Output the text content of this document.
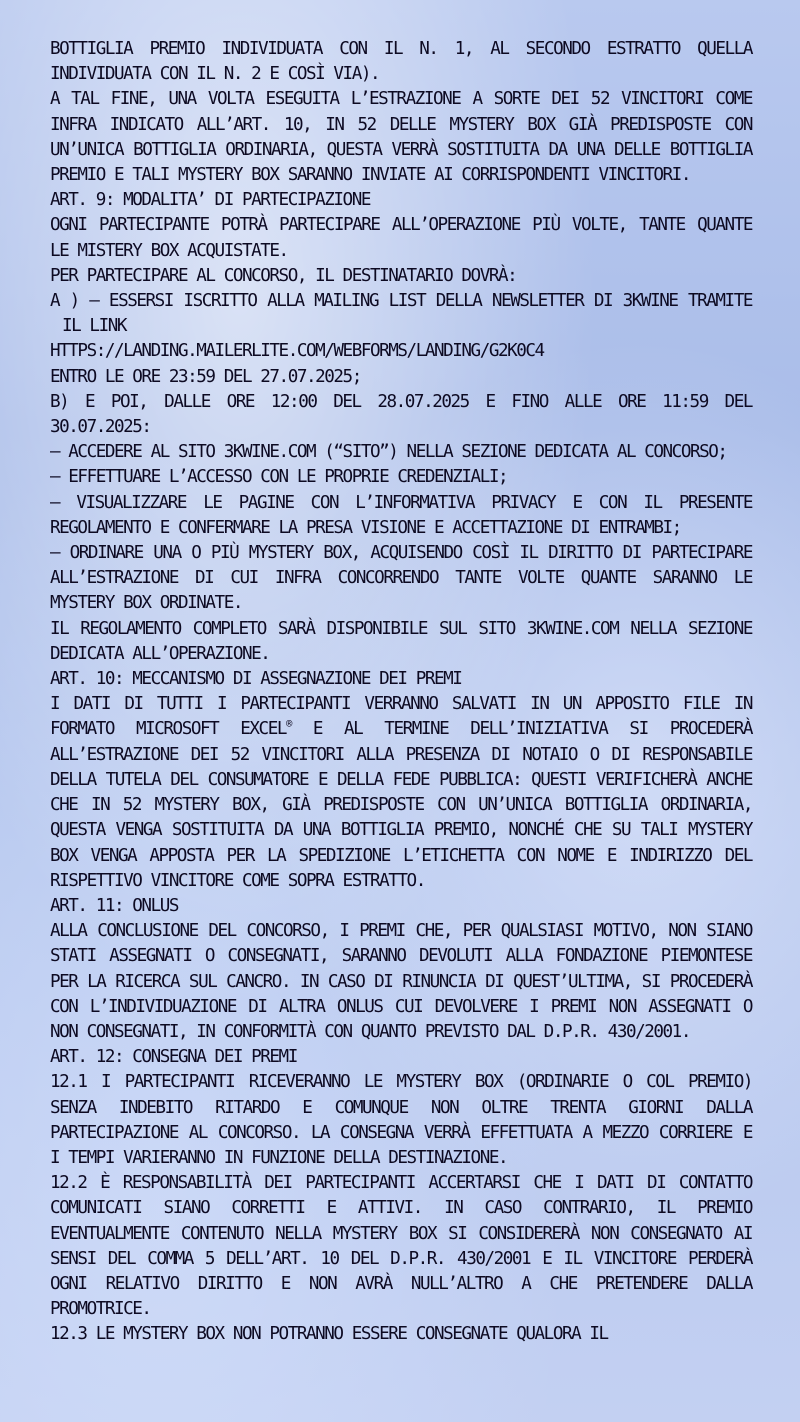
BOTTIGLIA PREMIO INDIVIDUATA CON IL N. 1, AL SECONDO ESTRATTO QUELLA INDIVIDUATA CON IL N. 2 E COSÌ VIA).

A TAL FINE, UNA VOLTA ESEGUITA L’ESTRAZIONE A SORTE DEI 52 VINCITORI COME INFRA INDICATO ALL’ART. 10, IN 52 DELLE MYSTERY BOX GIÀ PREDISPOSTE CON UN’UNICA BOTTIGLIA ORDINARIA, QUESTA VERRÀ SOSTITUITA DA UNA DELLE BOTTIGLIA PREMIO E TALI MYSTERY BOX SARANNO INVIATE AI CORRISPONDENTI VINCITORI.

ART. 9: MODALITA’ DI PARTECIPAZIONE

OGNI PARTECIPANTE POTRÀ PARTECIPARE ALL’OPERAZIONE PIÙ VOLTE, TANTE QUANTE LE MISTERY BOX ACQUISTATE.

PER PARTECIPARE AL CONCORSO, IL DESTINATARIO DOVRÀ:

A ) – ESSERSI ISCRITTO ALLA MAILING LIST DELLA NEWSLETTER DI 3KWINE TRAMITE IL LINK

HTTPS://LANDING.MAILERLITE.COM/WEBFORMS/LANDING/G2K0C4

ENTRO LE ORE 23:59 DEL 27.07.2025;

B) E POI, DALLE ORE 12:00 DEL 28.07.2025 E FINO ALLE ORE 11:59 DEL 30.07.2025:

– ACCEDERE AL SITO 3KWINE.COM (“SITO”) NELLA SEZIONE DEDICATA AL CONCORSO;

– EFFETTUARE L’ACCESSO CON LE PROPRIE CREDENZIALI;

– VISUALIZZARE LE PAGINE CON L’INFORMATIVA PRIVACY E CON IL PRESENTE REGOLAMENTO E CONFERMARE LA PRESA VISIONE E ACCETTAZIONE DI ENTRAMBI;

– ORDINARE UNA O PIÙ MYSTERY BOX, ACQUISENDO COSÌ IL DIRITTO DI PARTECIPARE ALL’ESTRAZIONE DI CUI INFRA CONCORRENDO TANTE VOLTE QUANTE SARANNO LE MYSTERY BOX ORDINATE.

IL REGOLAMENTO COMPLETO SARÀ DISPONIBILE SUL SITO 3KWINE.COM NELLA SEZIONE DEDICATA ALL’OPERAZIONE.

ART. 10: MECCANISMO DI ASSEGNAZIONE DEI PREMI

I DATI DI TUTTI I PARTECIPANTI VERRANNO SALVATI IN UN APPOSITO FILE IN FORMATO MICROSOFT EXCEL® E AL TERMINE DELL’INIZIATIVA SI PROCEDERÀ ALL’ESTRAZIONE DEI 52 VINCITORI ALLA PRESENZA DI NOTAIO O DI RESPONSABILE DELLA TUTELA DEL CONSUMATORE E DELLA FEDE PUBBLICA: QUESTI VERIFICHERÀ ANCHE CHE IN 52 MYSTERY BOX, GIÀ PREDISPOSTE CON UN’UNICA BOTTIGLIA ORDINARIA, QUESTA VENGA SOSTITUITA DA UNA BOTTIGLIA PREMIO, NONCHÉ CHE SU TALI MYSTERY BOX VENGA APPOSTA PER LA SPEDIZIONE L’ETICHETTA CON NOME E INDIRIZZO DEL RISPETTIVO VINCITORE COME SOPRA ESTRATTO.

ART. 11: ONLUS

ALLA CONCLUSIONE DEL CONCORSO, I PREMI CHE, PER QUALSIASI MOTIVO, NON SIANO STATI ASSEGNATI O CONSEGNATI, SARANNO DEVOLUTI ALLA FONDAZIONE PIEMONTESE PER LA RICERCA SUL CANCRO. IN CASO DI RINUNCIA DI QUEST’ULTIMA, SI PROCEDERÀ CON L’INDIVIDUAZIONE DI ALTRA ONLUS CUI DEVOLVERE I PREMI NON ASSEGNATI O NON CONSEGNATI, IN CONFORMITÀ CON QUANTO PREVISTO DAL D.P.R. 430/2001.

ART. 12: CONSEGNA DEI PREMI

12.1 I PARTECIPANTI RICEVERANNO LE MYSTERY BOX (ORDINARIE O COL PREMIO) SENZA INDEBITO RITARDO E COMUNQUE NON OLTRE TRENTA GIORNI DALLA PARTECIPAZIONE AL CONCORSO. LA CONSEGNA VERRÀ EFFETTUATA A MEZZO CORRIERE E I TEMPI VARIERANNO IN FUNZIONE DELLA DESTINAZIONE.

12.2 È RESPONSABILITÀ DEI PARTECIPANTI ACCERTARSI CHE I DATI DI CONTATTO COMUNICATI SIANO CORRETTI E ATTIVI. IN CASO CONTRARIO, IL PREMIO EVENTUALMENTE CONTENUTO NELLA MYSTERY BOX SI CONSIDERERÀ NON CONSEGNATO AI SENSI DEL COMMA 5 DELL’ART. 10 DEL D.P.R. 430/2001 E IL VINCITORE PERDERÀ OGNI RELATIVO DIRITTO E NON AVRÀ NULL’ALTRO A CHE PRETENDERE DALLA PROMOTRICE.

12.3 LE MYSTERY BOX NON POTRANNO ESSERE CONSEGNATE QUALORA IL
